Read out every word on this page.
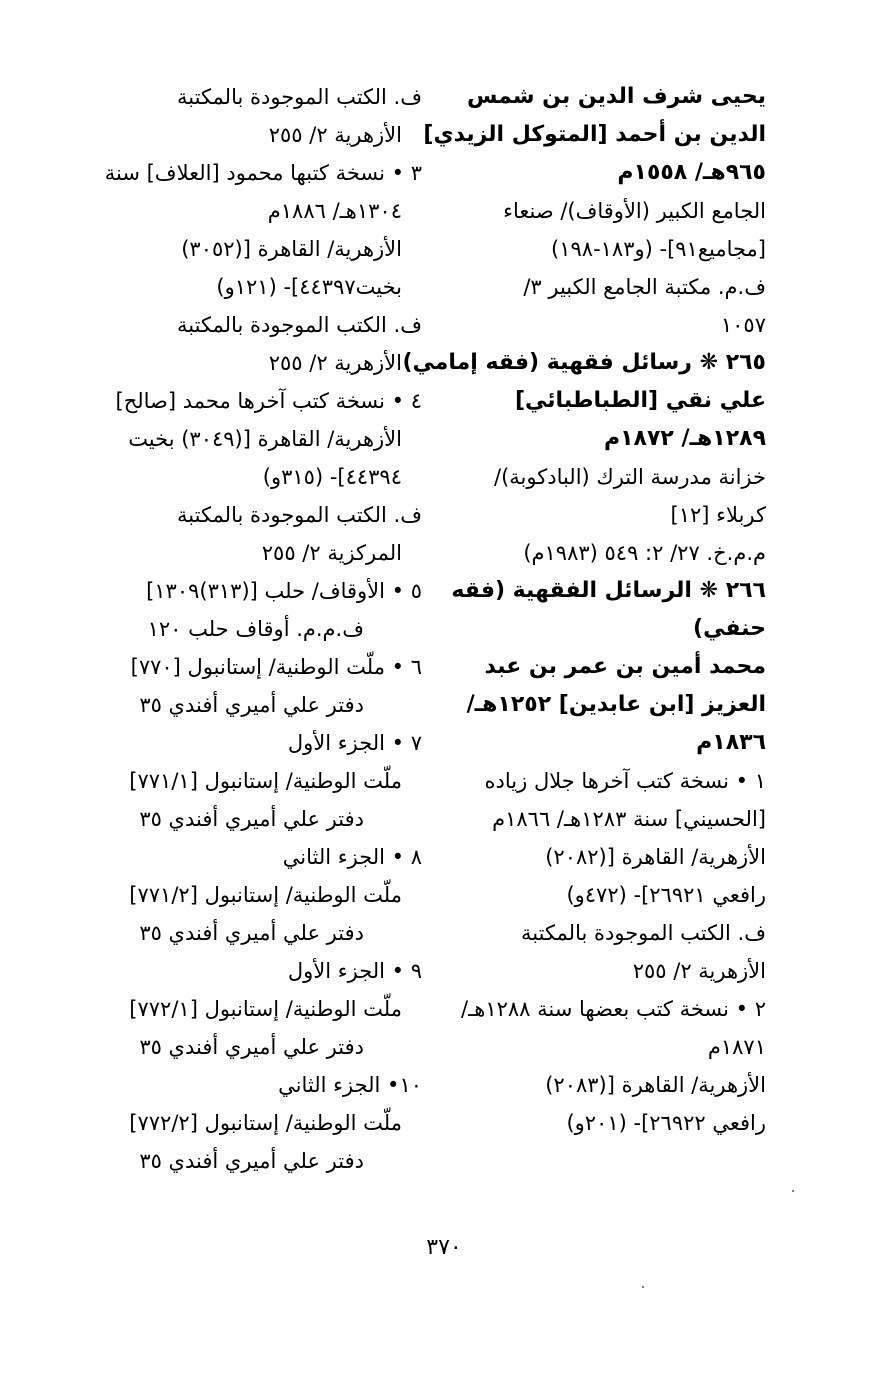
يحيى شرف الدين بن شمس
الدين بن أحمد [المتوكل الزيدي]
٩٦٥هـ/ ١٥٥٨م
الجامع الكبير (الأوقاف)/ صنعاء
[مجاميع٩١]- (و١٨٣-١٩٨)
ف.م. مكتبة الجامع الكبير ٣/
١٠٥٧
٢٦٥ ❋ رسائل فقهية (فقه إمامي)
علي نقي [الطباطبائي]
١٢٨٩هـ/ ١٨٧٢م
خزانة مدرسة الترك (البادكوبة)/
كربلاء [١٢]
م.م.خ. ٢٧/ ٢: ٥٤٩ (١٩٨٣م)
٢٦٦ ❋ الرسائل الفقهية (فقه
حنفي)
محمد أمين بن عمر بن عبد
العزيز [ابن عابدين] ١٢٥٢هـ/
١٨٣٦م
١ • نسخة كتب آخرها جلال زياده
[الحسيني] سنة ١٢٨٣هـ/ ١٨٦٦م
الأزهرية/ القاهرة [(٢٠٨٢)
رافعي ٢٦٩٢١]- (٤٧٢و)
ف. الكتب الموجودة بالمكتبة
الأزهرية ٢/ ٢٥٥
٢ • نسخة كتب بعضها سنة ١٢٨٨هـ/
١٨٧١م
الأزهرية/ القاهرة [(٢٠٨٣)
رافعي ٢٦٩٢٢]- (٢٠١و)
ف. الكتب الموجودة بالمكتبة
الأزهرية ٢/ ٢٥٥
٣ • نسخة كتبها محمود [العلاف] سنة
١٣٠٤هـ/ ١٨٨٦م
الأزهرية/ القاهرة [(٣٠٥٢)
بخيت٤٤٣٩٧]- (١٢١و)
ف. الكتب الموجودة بالمكتبة
الأزهرية ٢/ ٢٥٥
٤ • نسخة كتب آخرها محمد [صالح]
الأزهرية/ القاهرة [(٣٠٤٩) بخيت
٤٤٣٩٤]- (٣١٥و)
ف. الكتب الموجودة بالمكتبة
المركزية ٢/ ٢٥٥
٥ • الأوقاف/ حلب [(٣١٣)١٣٠٩]
ف.م.م. أوقاف حلب ١٢٠
٦ • ملّت الوطنية/ إستانبول [٧٧٠]
دفتر علي أميري أفندي ٣٥
٧ • الجزء الأول
ملّت الوطنية/ إستانبول [٧٧١/١]
دفتر علي أميري أفندي ٣٥
٨ • الجزء الثاني
ملّت الوطنية/ إستانبول [٧٧١/٢]
دفتر علي أميري أفندي ٣٥
٩ • الجزء الأول
ملّت الوطنية/ إستانبول [٧٧٢/١]
دفتر علي أميري أفندي ٣٥
١٠• الجزء الثاني
ملّت الوطنية/ إستانبول [٧٧٢/٢]
دفتر علي أميري أفندي ٣٥
٣٧٠
